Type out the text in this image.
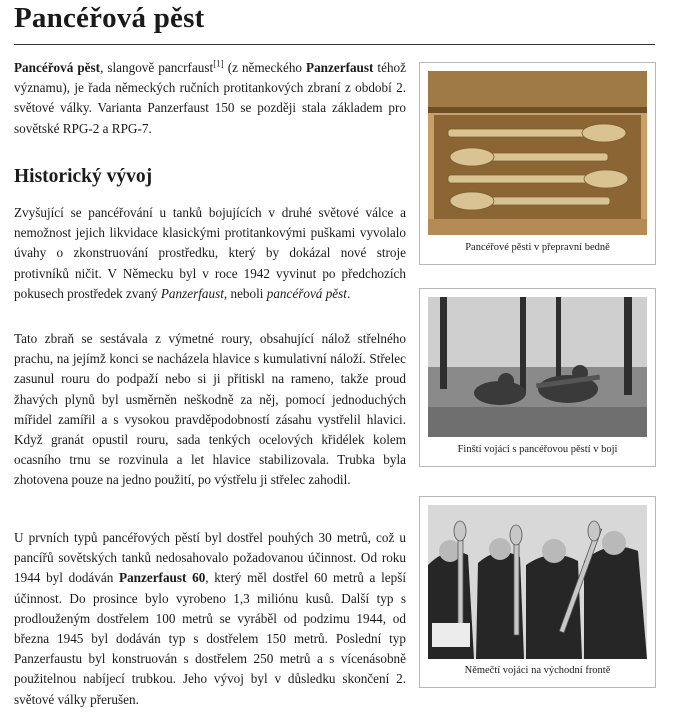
Pancéřová pěst

Pancéřová pěst, slangově pancrfaust[1] (z německého Panzerfaust téhož významu), je řada německých ručních protitankových zbraní z období 2. světové války. Varianta Panzerfaust 150 se později stala základem pro sovětské RPG-2 a RPG-7.

Historický vývoj

Zvyšující se pancéřování u tanků bojujících v druhé světové válce a nemožnost jejich likvidace klasickými protitankovými puškami vyvolalo úvahy o zkonstruování prostředku, který by dokázal nové stroje protivníků ničit. V Německu byl v roce 1942 vyvinut po předchozích pokusech prostředek zvaný Panzerfaust, neboli pancéřová pěst.

Tato zbraň se sestávala z výmetné roury, obsahující nálož střelného prachu, na jejímž konci se nacházela hlavice s kumulativní náloží. Střelec zasunul rouru do podpaží nebo si ji přitiskl na rameno, takže proud žhavých plynů byl usměrněn neškodně za něj, pomocí jednoduchých mířidel zamířil a s vysokou pravděpodobností zásahu vystřelil hlavici. Když granát opustil rouru, sada tenkých ocelových křidélek kolem ocasního trnu se rozvinula a let hlavice stabilizovala. Trubka byla zhotovena pouze na jedno použití, po výstřelu ji střelec zahodil.

U prvních typů pancéřových pěstí byl dostřel pouhých 30 metrů, což u pancířů sovětských tanků nedosahovalo požadovanou účinnost. Od roku 1944 byl dodáván Panzerfaust 60, který měl dostřel 60 metrů a lepší účinnost. Do prosince bylo vyrobeno 1,3 miliónu kusů. Další typ s prodlouženým dostřelem 100 metrů se vyráběl od podzimu 1944, od března 1945 byl dodáván typ s dostřelem 150 metrů. Poslední typ Panzerfaustu byl konstruován s dostřelem 250 metrů a s vícenásobně použitelnou nabíjecí trubkou. Jeho vývoj byl v důsledku skončení 2. světové války přerušen.

Pancéřové pěsti v přepravní bedně
Finští vojáci s pancéřovou pěstí v boji
Němečtí vojáci na východní frontě
